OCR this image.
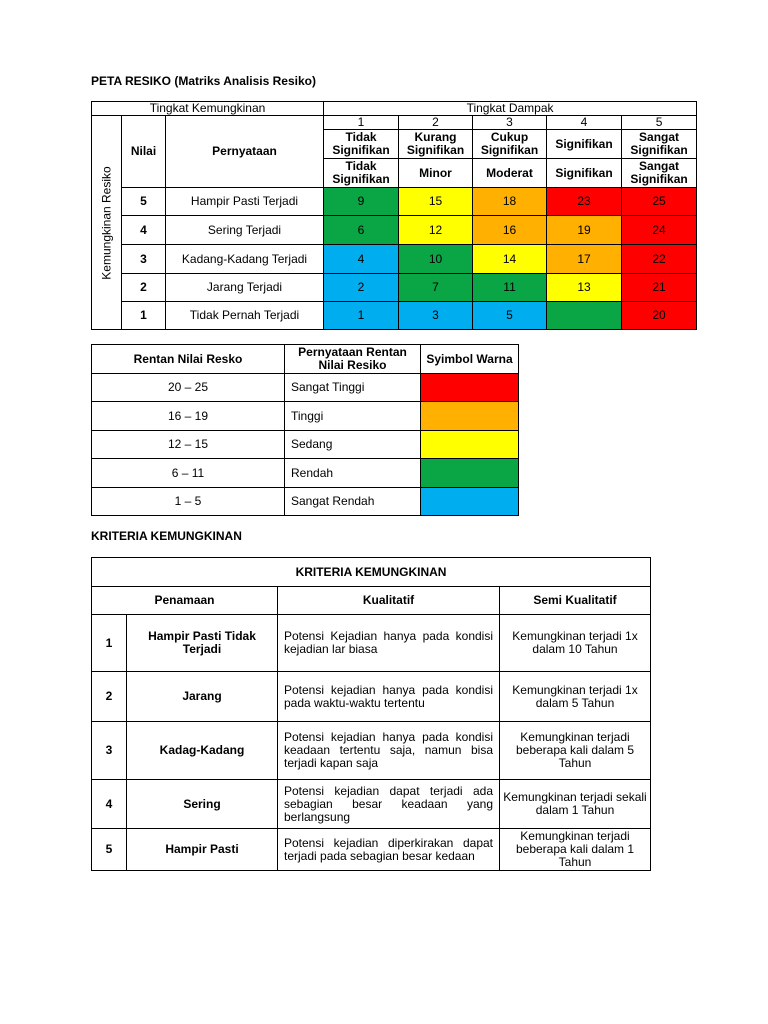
PETA RESIKO (Matriks Analisis Resiko)
Tingkat Kemungkinan			Tingkat Dampak				

Kemungkinan Resiko	Nilai	Pernyataan	1	2	3	4	5
			Tidak Signifikan	Kurang Signifikan	Cukup Signifikan	Signifikan	Sangat Signifikan
			Tidak Signifikan	Minor	Moderat	Signifikan	Sangat Signifikan
	5	Hampir Pasti Terjadi	9	15	18	23	25
	4	Sering Terjadi	6	12	16	19	24
	3	Kadang-Kadang Terjadi	4	10	14	17	22
	2	Jarang Terjadi	2	7	11	13	21
	1	Tidak Pernah Terjadi	1	3	5		20
Rentan Nilai Resko	Pernyataan Rentan Nilai Resiko	Syimbol Warna
20 – 25	Sangat Tinggi	
16 – 19	Tinggi	
12 – 15	Sedang	
6 – 11	Rendah	
1 – 5	Sangat Rendah	
KRITERIA KEMUNGKINAN
KRITERIA KEMUNGKINAN			
Penamaan		Kualitatif	Semi Kualitatif
1	Hampir Pasti Tidak Terjadi	Potensi Kejadian hanya pada kondisi kejadian lar biasa	Kemungkinan terjadi 1x dalam 10 Tahun
2	Jarang	Potensi kejadian hanya pada kondisi pada waktu-waktu tertentu	Kemungkinan terjadi 1x dalam 5 Tahun
3	Kadag-Kadang	Potensi kejadian hanya pada kondisi keadaan tertentu saja, namun bisa terjadi kapan saja	Kemungkinan terjadi beberapa kali dalam 5 Tahun
4	Sering	Potensi kejadian dapat terjadi ada sebagian besar keadaan yang berlangsung	Kemungkinan terjadi sekali dalam 1 Tahun
5	Hampir Pasti	Potensi kejadian diperkirakan dapat terjadi pada sebagian besar kedaan	Kemungkinan terjadi beberapa kali dalam 1 Tahun
